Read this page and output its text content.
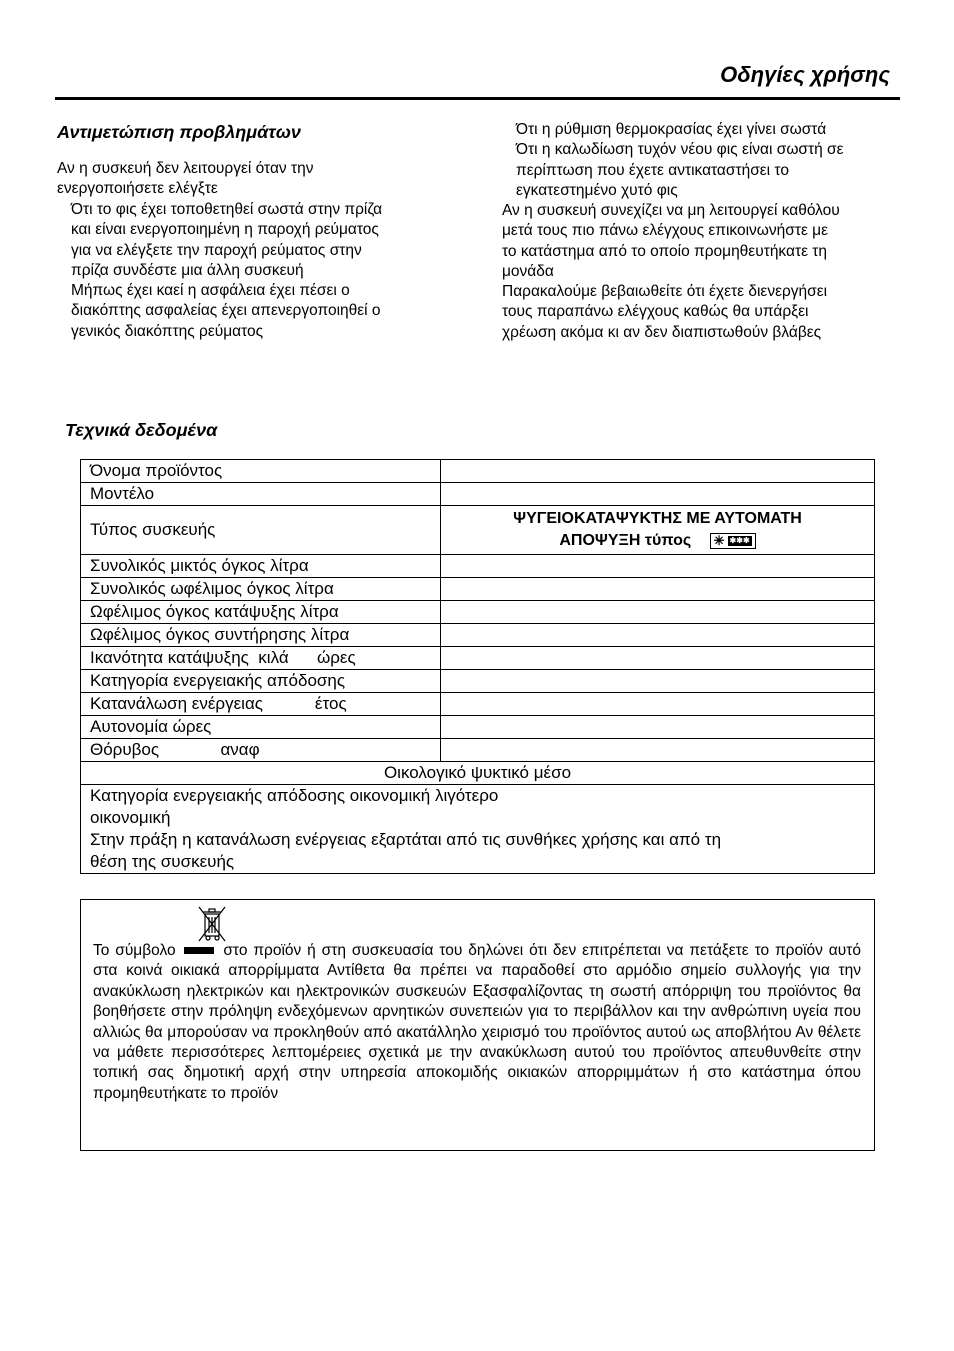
Οδηγίες χρήσης
Αντιμετώπιση προβλημάτων
Αν η συσκευή δεν λειτουργεί όταν την
ενεργοποιήσετε ελέγξτε
Ότι το φις έχει τοποθετηθεί σωστά στην πρίζα
και είναι ενεργοποιημένη η παροχή ρεύματος
για να ελέγξετε την παροχή ρεύματος στην
πρίζα συνδέστε μια άλλη συσκευή
Μήπως έχει καεί η ασφάλεια έχει πέσει ο
διακόπτης ασφαλείας έχει απενεργοποιηθεί ο
γενικός διακόπτης ρεύματος
Ότι η ρύθμιση θερμοκρασίας έχει γίνει σωστά
Ότι η καλωδίωση τυχόν νέου φις είναι σωστή σε
περίπτωση που έχετε αντικαταστήσει το
εγκατεστημένο χυτό φις
Αν η συσκευή συνεχίζει να μη λειτουργεί καθόλου
μετά τους πιο πάνω ελέγχους επικοινωνήστε με
το κατάστημα από το οποίο προμηθευτήκατε τη
μονάδα
Παρακαλούμε βεβαιωθείτε ότι έχετε διενεργήσει
τους παραπάνω ελέγχους καθώς θα υπάρξει
χρέωση ακόμα κι αν δεν διαπιστωθούν βλάβες
Τεχνικά δεδομένα
Όνομα προϊόντος	
Μοντέλο	
Τύπος συσκευής	ΨΥΓΕΙΟΚΑΤΑΨΥΚΤΗΣ ΜΕ ΑΥΤΟΜΑΤΗ
ΑΠΟΨΥΞΗ τύπος ✳ ✱✱✱
Συνολικός μικτός όγκος λίτρα	
Συνολικός ωφέλιμος όγκος λίτρα	
Ωφέλιμος όγκος κατάψυξης λίτρα	
Ωφέλιμος όγκος συντήρησης λίτρα	
Ικανότητα κατάψυξης  κιλά      ώρες	
Κατηγορία ενεργειακής απόδοσης	
Κατανάλωση ενέργειας           έτος	
Αυτονομία ώρες	
Θόρυβος             αναφ	
Οικολογικό ψυκτικό μέσο	
Κατηγορία ενεργειακής απόδοσης οικονομική λιγότερο
οικονομική
Στην πράξη η κατανάλωση ενέργειας εξαρτάται από τις συνθήκες χρήσης και από τη
θέση της συσκευής	
Το σύμβολο	στο προϊόν ή στη συσκευασία του δηλώνει ότι δεν επιτρέπεται να πετάξετε το προϊόν αυτό στα κοινά οικιακά απορρίμματα Αντίθετα θα πρέπει να παραδοθεί στο αρμόδιο σημείο συλλογής για την ανακύκλωση ηλεκτρικών και ηλεκτρονικών συσκευών Εξασφαλίζοντας τη σωστή απόρριψη του προϊόντος θα βοηθήσετε στην πρόληψη ενδεχόμενων αρνητικών συνεπειών για το περιβάλλον και την ανθρώπινη υγεία που αλλιώς θα μπορούσαν να προκληθούν από ακατάλληλο χειρισμό του προϊόντος αυτού ως αποβλήτου Αν θέλετε να μάθετε περισσότερες λεπτομέρειες σχετικά με την ανακύκλωση αυτού του προϊόντος απευθυνθείτε στην τοπική σας δημοτική αρχή στην υπηρεσία αποκομιδής οικιακών απορριμμάτων ή στο κατάστημα όπου προμηθευτήκατε το προϊόν
